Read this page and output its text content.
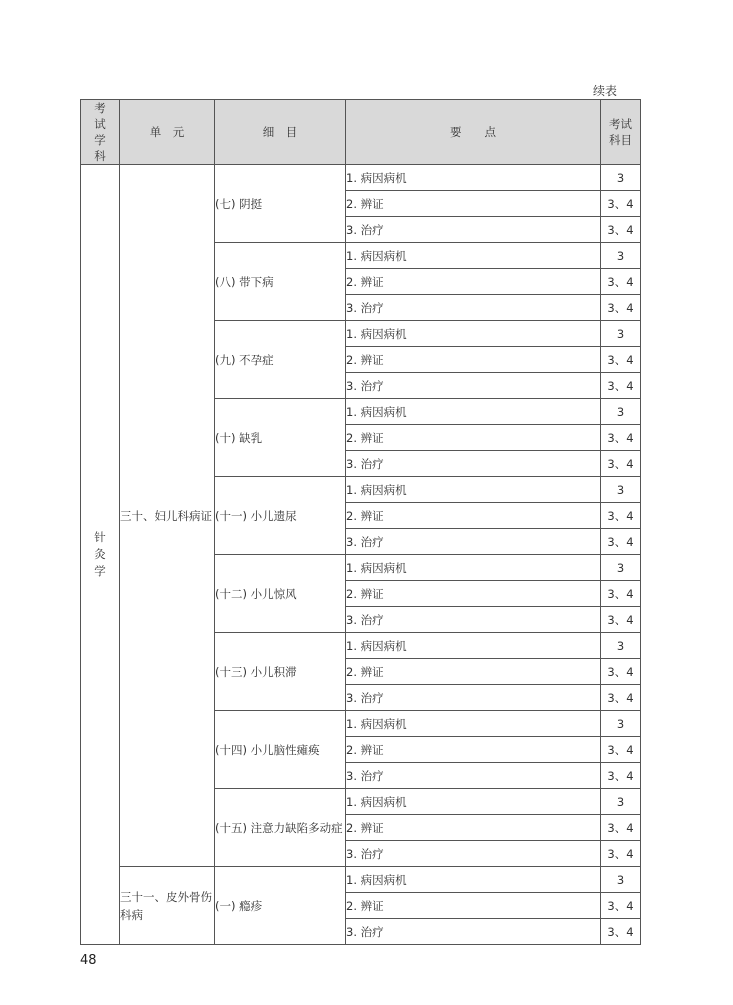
续表
考试学科	单　元	细　目	要　　点	考试科目
针灸学	三十、妇儿科病证	(七) 阴挺	1. 病因病机	3
			2. 辨证	3、4
			3. 治疗	3、4
		(八) 带下病	1. 病因病机	3
			2. 辨证	3、4
			3. 治疗	3、4
		(九) 不孕症	1. 病因病机	3
			2. 辨证	3、4
			3. 治疗	3、4
		(十) 缺乳	1. 病因病机	3
			2. 辨证	3、4
			3. 治疗	3、4
		(十一) 小儿遗尿	1. 病因病机	3
			2. 辨证	3、4
			3. 治疗	3、4
		(十二) 小儿惊风	1. 病因病机	3
			2. 辨证	3、4
			3. 治疗	3、4
		(十三) 小儿积滞	1. 病因病机	3
			2. 辨证	3、4
			3. 治疗	3、4
		(十四) 小儿脑性瘫痪	1. 病因病机	3
			2. 辨证	3、4
			3. 治疗	3、4
		(十五) 注意力缺陷多动症	1. 病因病机	3
			2. 辨证	3、4
			3. 治疗	3、4
	三十一、皮外骨伤科病	(一) 瘾疹	1. 病因病机	3
			2. 辨证	3、4
			3. 治疗	3、4
48
